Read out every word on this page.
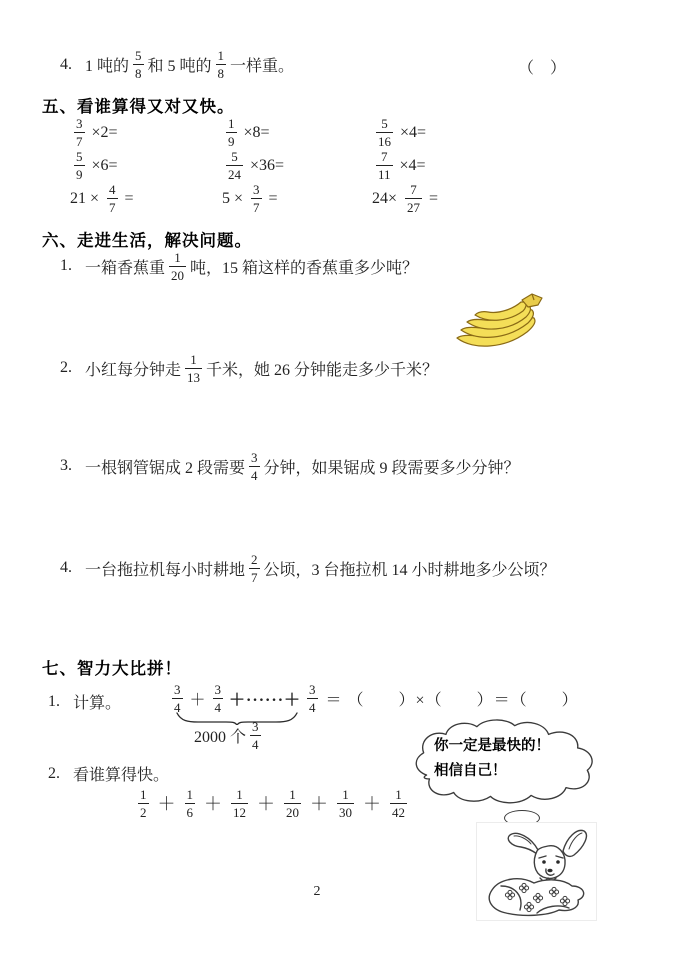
4. 1 吨的 $\frac{5}{8}$ 和 5 吨的 $\frac{1}{8}$ 一样重。	（　）
五、看谁算得又对又快。
$\frac{3}{7} \times 2=$	$\frac{1}{9} \times 8=$	$\frac{5}{16} \times 4=$
$\frac{5}{9} \times 6=$	$\frac{5}{24} \times 36=$	$\frac{7}{11} \times 4=$
$21 \times \frac{4}{7}$ =	$5 \times \frac{3}{7}$ =	$24\times \frac{7}{27}$ =
六、走进生活，解决问题。
1. 一箱香蕉重 $\frac{1}{20}$ 吨，15 箱这样的香蕉重多少吨？
2. 小红每分钟走 $\frac{1}{13}$ 千米，她 26 分钟能走多少千米？
3. 一根钢管锯成 2 段需要 $\frac{3}{4}$ 分钟，如果锯成 9 段需要多少分钟？
4. 一台拖拉机每小时耕地 $\frac{2}{7}$ 公顷，3 台拖拉机 14 小时耕地多少公顷？
七、智力大比拼！
1. 计算。	$\frac{3}{4} + \frac{3}{4}$ ＋······＋ $\frac{3}{4}$ ＝ （　　）×（　　）＝（　　）
2000 个 $\frac{3}{4}$
2. 看谁算得快。
$\frac{1}{2} + \frac{1}{6} + \frac{1}{12} + \frac{1}{20} + \frac{1}{30} + \frac{1}{42}$
你一定是最快的！
相信自己！
2
